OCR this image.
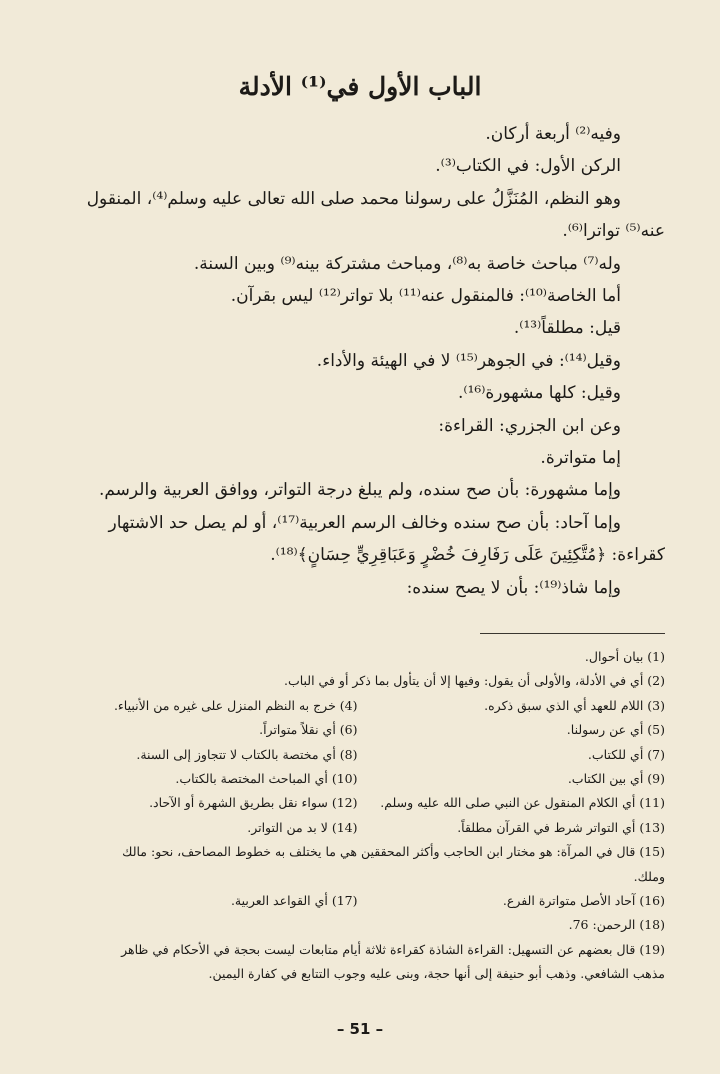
الباب الأول في⁽¹⁾ الأدلة

وفيه⁽²⁾ أربعة أركان.

الركن الأول: في الكتاب⁽³⁾.

وهو النظم، المُنَزَّلُ على رسولنا محمد صلى الله تعالى عليه وسلم⁽⁴⁾، المنقول

عنه⁽⁵⁾ تواترا⁽⁶⁾.

وله⁽⁷⁾ مباحث خاصة به⁽⁸⁾، ومباحث مشتركة بينه⁽⁹⁾ وبين السنة.

أما الخاصة⁽¹⁰⁾: فالمنقول عنه⁽¹¹⁾ بلا تواتر⁽¹²⁾ ليس بقرآن.

قيل: مطلقاً⁽¹³⁾.

وقيل⁽¹⁴⁾: في الجوهر⁽¹⁵⁾ لا في الهيئة والأداء.

وقيل: كلها مشهورة⁽¹⁶⁾.

وعن ابن الجزري: القراءة:

إما متواترة.

وإما مشهورة: بأن صح سنده، ولم يبلغ درجة التواتر، ووافق العربية والرسم.

وإما آحاد: بأن صح سنده وخالف الرسم العربية⁽¹⁷⁾، أو لم يصل حد الاشتهار

كقراءة: ﴿مُتَّكِئِينَ عَلَى رَفَارِفَ خُضْرٍ وَعَبَاقِرِيٍّ حِسَانٍ﴾⁽¹⁸⁾.

وإما شاذ⁽¹⁹⁾: بأن لا يصح سنده:

(1) بيان أحوال.
(2) أي في الأدلة، والأولى أن يقول: وفيها إلا أن يتأول بما ذكر أو في الباب.
(3) اللام للعهد أي الذي سبق ذكره.
(4) خرج به النظم المنزل على غيره من الأنبياء.
(5) أي عن رسولنا.
(6) أي نقلاً متواتراً.
(7) أي للكتاب.
(8) أي مختصة بالكتاب لا تتجاوز إلى السنة.
(9) أي بين الكتاب.
(10) أي المباحث المختصة بالكتاب.
(11) أي الكلام المنقول عن النبي صلى الله عليه وسلم.
(12) سواء نقل بطريق الشهرة أو الآحاد.
(13) أي التواتر شرط في القرآن مطلقاً.
(14) لا بد من التواتر.
(15) قال في المرآة: هو مختار ابن الحاجب وأكثر المحققين هي ما يختلف به خطوط المصاحف، نحو: مالك
وملك.
(16) آحاد الأصل متواترة الفرع.
(17) أي القواعد العربية.
(18) الرحمن: 76.
(19) قال بعضهم عن التسهيل: القراءة الشاذة كقراءة ثلاثة أيام متابعات ليست بحجة في الأحكام في ظاهر
مذهب الشافعي. وذهب أبو حنيفة إلى أنها حجة، وبنى عليه وجوب التتابع في كفارة اليمين.
– 51 –
